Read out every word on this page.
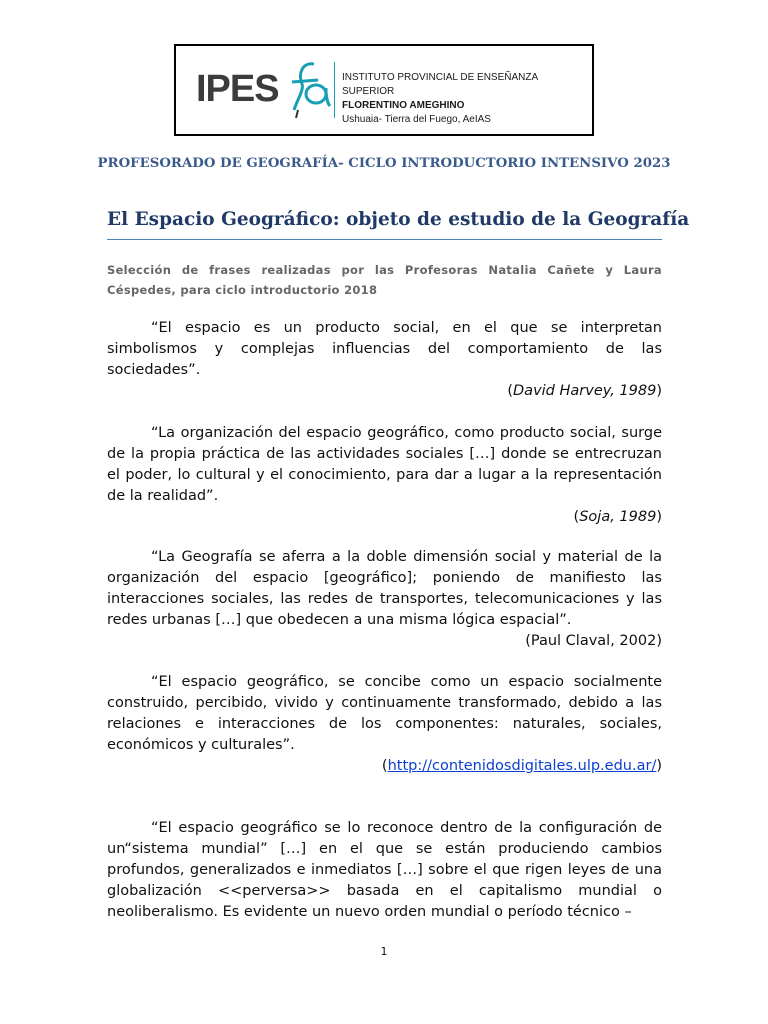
IPES	INSTITUTO PROVINCIAL DE ENSEÑANZA SUPERIOR
FLORENTINO AMEGHINO
Ushuaia- Tierra del Fuego, AeIAS
PROFESORADO DE GEOGRAFÍA- CICLO INTRODUCTORIO INTENSIVO 2023
El Espacio Geográfico: objeto de estudio de la Geografía
Selección de frases realizadas por las Profesoras Natalia Cañete y Laura Céspedes, para ciclo introductorio 2018

“El espacio es un producto social, en el que se interpretan simbolismos y complejas influencias del comportamiento de las sociedades”.

(David Harvey, 1989)

“La organización del espacio geográfico, como producto social, surge de la propia práctica de las actividades sociales […] donde se entrecruzan el poder, lo cultural y el conocimiento, para dar a lugar a la representación de la realidad”.

(Soja, 1989)

“La Geografía se aferra a la doble dimensión social y material de la organización del espacio [geográfico]; poniendo de manifiesto las interacciones sociales, las redes de transportes, telecomunicaciones y las redes urbanas […] que obedecen a una misma lógica espacial”.

(Paul Claval, 2002)

“El espacio geográfico, se concibe como un espacio socialmente construido, percibido, vivido y continuamente transformado, debido a las relaciones e interacciones de los componentes: naturales, sociales, económicos y culturales”.

(http://contenidosdigitales.ulp.edu.ar/)

“El espacio geográfico se lo reconoce dentro de la configuración de un“sistema mundial” […] en el que se están produciendo cambios profundos, generalizados e inmediatos […] sobre el que rigen leyes de una globalización <<perversa>> basada en el capitalismo mundial o neoliberalismo. Es evidente un nuevo orden mundial o período técnico –

1
